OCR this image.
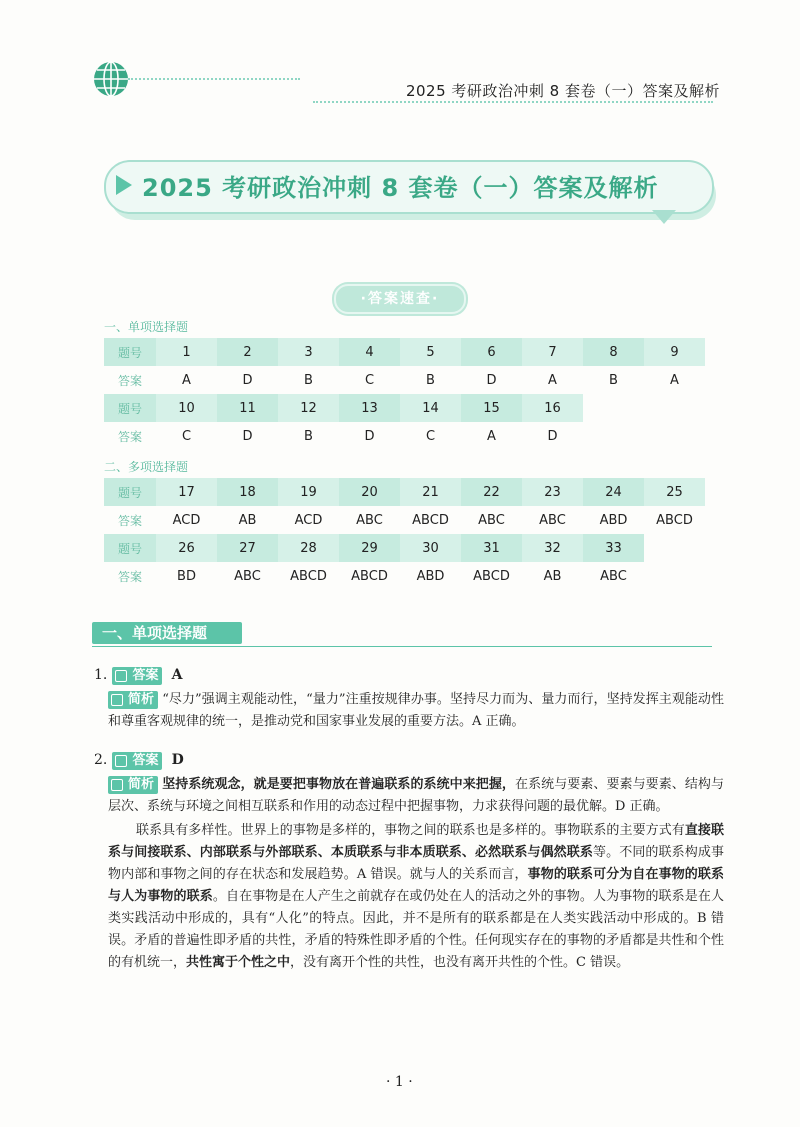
2025 考研政治冲刺 8 套卷（一）答案及解析
2025 考研政治冲刺 8 套卷（一）答案及解析
·答案速查·
一、单项选择题
题号	1	2	3	4	5	6	7	8	9
答案	A	D	B	C	B	D	A	B	A
题号	10	11	12	13	14	15	16		
答案	C	D	B	D	C	A	D		
二、多项选择题
题号	17	18	19	20	21	22	23	24	25
答案	ACD	AB	ACD	ABC	ABCD	ABC	ABC	ABD	ABCD
题号	26	27	28	29	30	31	32	33	
答案	BD	ABC	ABCD	ABCD	ABD	ABCD	AB	ABC	
一、单项选择题
1. 答案 A
简析 “尽力”强调主观能动性，“量力”注重按规律办事。坚持尽力而为、量力而行，坚持发挥主观能动性和尊重客观规律的统一，是推动党和国家事业发展的重要方法。A 正确。
2. 答案 D
简析 坚持系统观念，就是要把事物放在普遍联系的系统中来把握，在系统与要素、要素与要素、结构与层次、系统与环境之间相互联系和作用的动态过程中把握事物，力求获得问题的最优解。D 正确。
联系具有多样性。世界上的事物是多样的，事物之间的联系也是多样的。事物联系的主要方式有直接联系与间接联系、内部联系与外部联系、本质联系与非本质联系、必然联系与偶然联系等。不同的联系构成事物内部和事物之间的存在状态和发展趋势。A 错误。就与人的关系而言，事物的联系可分为自在事物的联系与人为事物的联系。自在事物是在人产生之前就存在或仍处在人的活动之外的事物。人为事物的联系是在人类实践活动中形成的，具有“人化”的特点。因此，并不是所有的联系都是在人类实践活动中形成的。B 错误。矛盾的普遍性即矛盾的共性，矛盾的特殊性即矛盾的个性。任何现实存在的事物的矛盾都是共性和个性的有机统一，共性寓于个性之中，没有离开个性的共性，也没有离开共性的个性。C 错误。
· 1 ·
